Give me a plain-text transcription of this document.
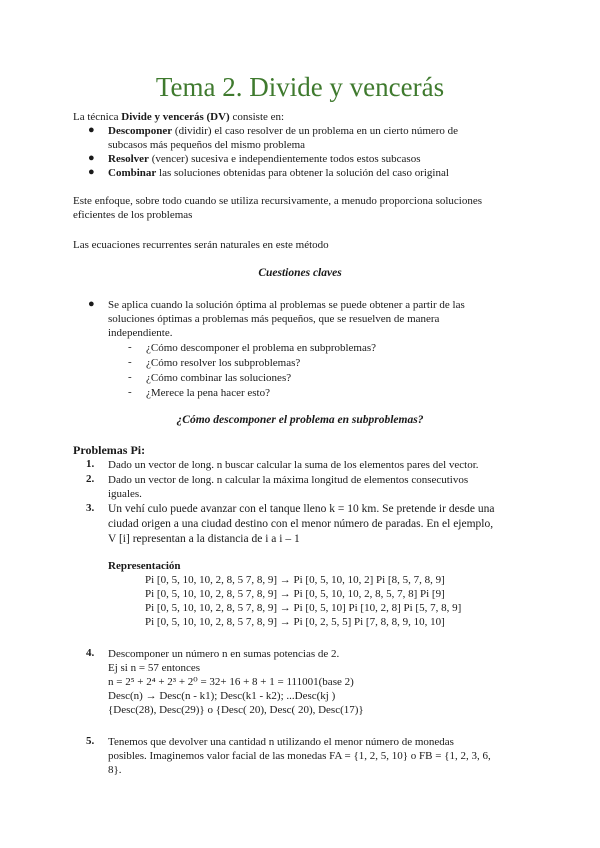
Tema 2. Divide y vencerás
La técnica Divide y vencerás (DV) consiste en:
● Descomponer (dividir) el caso resolver de un problema en un cierto número de
subcasos más pequeños del mismo problema
● Resolver (vencer) sucesiva e independientemente todos estos subcasos
● Combinar las soluciones obtenidas para obtener la solución del caso original
Este enfoque, sobre todo cuando se utiliza recursivamente, a menudo proporciona soluciones
eficientes de los problemas
Las ecuaciones recurrentes serán naturales en este método
Cuestiones claves
● Se aplica cuando la solución óptima al problemas se puede obtener a partir de las
soluciones óptimas a problemas más pequeños, que se resuelven de manera
independiente.
- ¿Cómo descomponer el problema en subproblemas?
- ¿Cómo resolver los subproblemas?
- ¿Cómo combinar las soluciones?
- ¿Merece la pena hacer esto?
¿Cómo descomponer el problema en subproblemas?
Problemas Pi:
1. Dado un vector de long. n buscar calcular la suma de los elementos pares del vector.
2. Dado un vector de long. n calcular la máxima longitud de elementos consecutivos
iguales.
3. Un vehí culo puede avanzar con el tanque lleno k = 10 km. Se pretende ir desde una
ciudad origen a una ciudad destino con el menor número de paradas. En el ejemplo,
V [i] representan a la distancia de i a i – 1
Representación
Pi [0, 5, 10, 10, 2, 8, 5 7, 8, 9] → Pi [0, 5, 10, 10, 2] Pi [8, 5, 7, 8, 9]
Pi [0, 5, 10, 10, 2, 8, 5 7, 8, 9] → Pi [0, 5, 10, 10, 2, 8, 5, 7, 8] Pi [9]
Pi [0, 5, 10, 10, 2, 8, 5 7, 8, 9] → Pi [0, 5, 10] Pi [10, 2, 8] Pi [5, 7, 8, 9]
Pi [0, 5, 10, 10, 2, 8, 5 7, 8, 9] → Pi [0, 2, 5, 5] Pi [7, 8, 8, 9, 10, 10]
4. Descomponer un número n en sumas potencias de 2.
Ej si n = 57 entonces
n = 2⁵ + 2⁴ + 2³ + 2⁰ = 32+ 16 + 8 + 1 = 111001(base 2)
Desc(n) → Desc(n - k1); Desc(k1 - k2); ...Desc(kj )
{Desc(28), Desc(29)} o {Desc( 20), Desc( 20), Desc(17)}
5. Tenemos que devolver una cantidad n utilizando el menor número de monedas
posibles. Imaginemos valor facial de las monedas FA = {1, 2, 5, 10} o FB = {1, 2, 3, 6,
8}.
